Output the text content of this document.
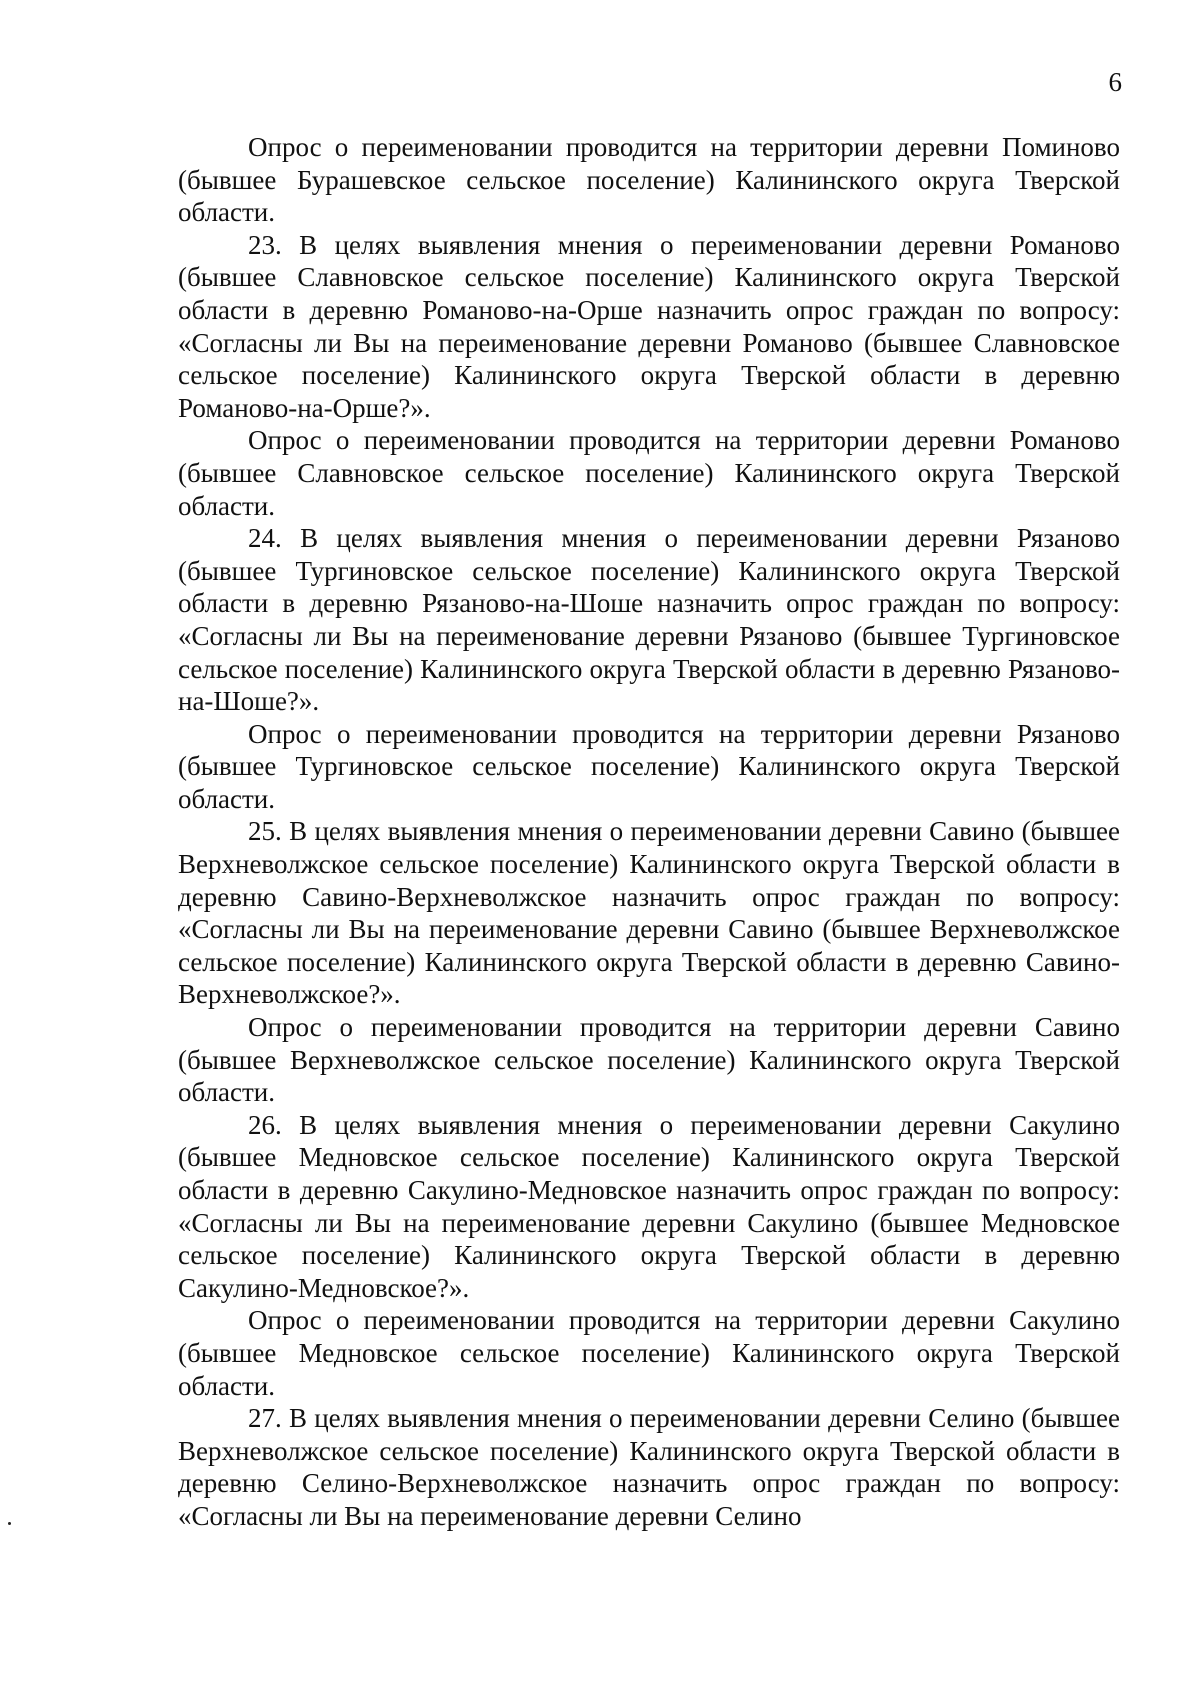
6

Опрос о переименовании проводится на территории деревни Поминово (бывшее Бурашевское сельское поселение) Калининского округа Тверской области.

23. В целях выявления мнения о переименовании деревни Романово (бывшее Славновское сельское поселение) Калининского округа Тверской области в деревню Романово-на-Орше назначить опрос граждан по вопросу: «Согласны ли Вы на переименование деревни Романово (бывшее Славновское сельское поселение) Калининского округа Тверской области в деревню Романово-на-Орше?».

Опрос о переименовании проводится на территории деревни Романово (бывшее Славновское сельское поселение) Калининского округа Тверской области.

24. В целях выявления мнения о переименовании деревни Рязаново (бывшее Тургиновское сельское поселение) Калининского округа Тверской области в деревню Рязаново-на-Шоше назначить опрос граждан по вопросу: «Согласны ли Вы на переименование деревни Рязаново (бывшее Тургиновское сельское поселение) Калининского округа Тверской области в деревню Рязаново-на-Шоше?».

Опрос о переименовании проводится на территории деревни Рязаново (бывшее Тургиновское сельское поселение) Калининского округа Тверской области.

25. В целях выявления мнения о переименовании деревни Савино (бывшее Верхневолжское сельское поселение) Калининского округа Тверской области в деревню Савино-Верхневолжское назначить опрос граждан по вопросу: «Согласны ли Вы на переименование деревни Савино (бывшее Верхневолжское сельское поселение) Калининского округа Тверской области в деревню Савино-Верхневолжское?».

Опрос о переименовании проводится на территории деревни Савино (бывшее Верхневолжское сельское поселение) Калининского округа Тверской области.

26. В целях выявления мнения о переименовании деревни Сакулино (бывшее Медновское сельское поселение) Калининского округа Тверской области в деревню Сакулино-Медновское назначить опрос граждан по вопросу: «Согласны ли Вы на переименование деревни Сакулино (бывшее Медновское сельское поселение) Калининского округа Тверской области в деревню Сакулино-Медновское?».

Опрос о переименовании проводится на территории деревни Сакулино (бывшее Медновское сельское поселение) Калининского округа Тверской области.

27. В целях выявления мнения о переименовании деревни Селино (бывшее Верхневолжское сельское поселение) Калининского округа Тверской области в деревню Селино-Верхневолжское назначить опрос граждан по вопросу: «Согласны ли Вы на переименование деревни Селино
